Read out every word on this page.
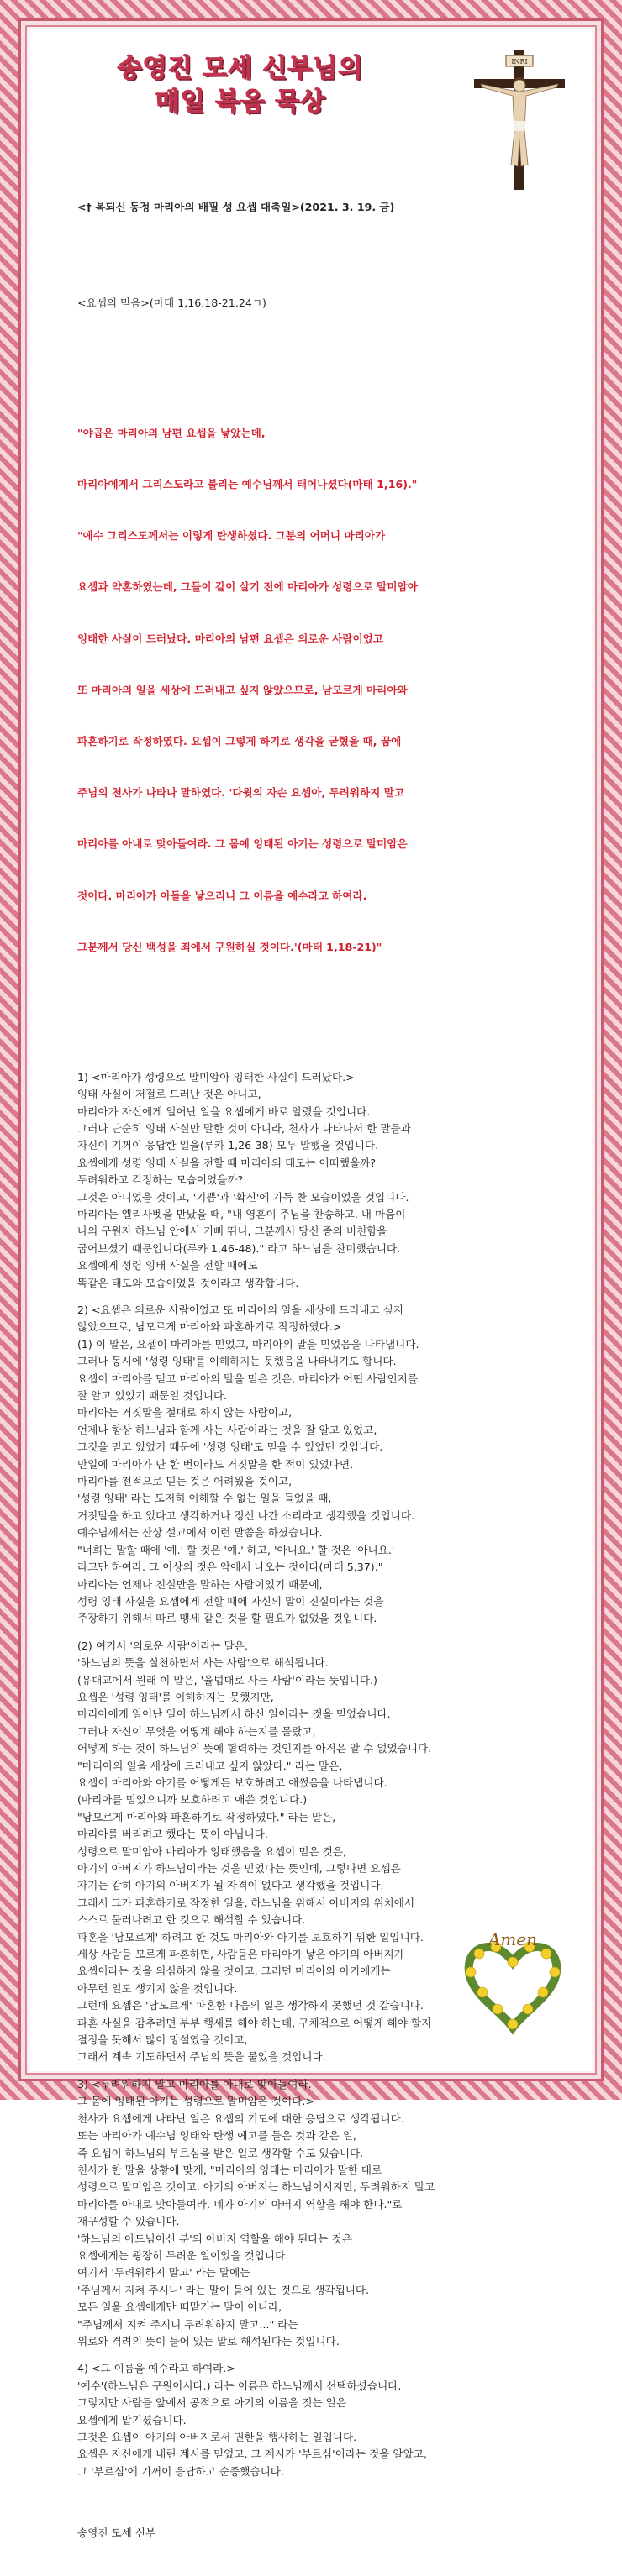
송영진 모세 신부님의
매일 복음 묵상
INRI

<† 복되신 동정 마리아의 배필 성 요셉 대축일>(2021. 3. 19. 금)

<요셉의 믿음>(마태 1,16.18-21.24ㄱ)

"야곱은 마리아의 남편 요셉을 낳았는데,

마리아에게서 그리스도라고 불리는 예수님께서 태어나셨다(마태 1,16)."

"예수 그리스도께서는 이렇게 탄생하셨다. 그분의 어머니 마리아가

요셉과 약혼하였는데, 그들이 같이 살기 전에 마리아가 성령으로 말미암아

잉태한 사실이 드러났다. 마리아의 남편 요셉은 의로운 사람이었고

또 마리아의 일을 세상에 드러내고 싶지 않았으므로, 남모르게 마리아와

파혼하기로 작정하였다. 요셉이 그렇게 하기로 생각을 굳혔을 때, 꿈에

주님의 천사가 나타나 말하였다. '다윗의 자손 요셉아, 두려워하지 말고

마리아를 아내로 맞아들여라. 그 몸에 잉태된 아기는 성령으로 말미암은

것이다. 마리아가 아들을 낳으리니 그 이름을 예수라고 하여라.

그분께서 당신 백성을 죄에서 구원하실 것이다.'(마태 1,18-21)"

1) <마리아가 성령으로 말미암아 잉태한 사실이 드러났다.>
잉태 사실이 저절로 드러난 것은 아니고,
마리아가 자신에게 일어난 일을 요셉에게 바로 알렸을 것입니다.
그러나 단순히 잉태 사실만 말한 것이 아니라, 천사가 나타나서 한 말들과
자신이 기꺼이 응답한 일을(루카 1,26-38) 모두 말했을 것입니다.
요셉에게 성령 잉태 사실을 전할 때 마리아의 태도는 어떠했을까?
두려워하고 걱정하는 모습이었을까?
그것은 아니었을 것이고, '기쁨'과 '확신'에 가득 찬 모습이었을 것입니다.
마리아는 엘리사벳을 만났을 때, "내 영혼이 주님을 찬송하고, 내 마음이
나의 구원자 하느님 안에서 기뻐 뛰니, 그분께서 당신 종의 비천함을
굽어보셨기 때문입니다(루카 1,46-48)." 라고 하느님을 찬미했습니다.
요셉에게 성령 잉태 사실을 전할 때에도
똑같은 태도와 모습이었을 것이라고 생각합니다.
2) <요셉은 의로운 사람이었고 또 마리아의 일을 세상에 드러내고 싶지
않았으므로, 남모르게 마리아와 파혼하기로 작정하였다.>
(1) 이 말은, 요셉이 마리아를 믿었고, 마리아의 말을 믿었음을 나타냅니다.
그러나 동시에 '성령 잉태'를 이해하지는 못했음을 나타내기도 합니다.
요셉이 마리아를 믿고 마리아의 말을 믿은 것은, 마리아가 어떤 사람인지를
잘 알고 있었기 때문일 것입니다.
마리아는 거짓말을 절대로 하지 않는 사람이고,
언제나 항상 하느님과 함께 사는 사람이라는 것을 잘 알고 있었고,
그것을 믿고 있었기 때문에 '성령 잉태'도 믿을 수 있었던 것입니다.
만일에 마리아가 단 한 번이라도 거짓말을 한 적이 있었다면,
마리아를 전적으로 믿는 것은 어려웠을 것이고,
'성령 잉태' 라는 도저히 이해할 수 없는 일을 들었을 때,
거짓말을 하고 있다고 생각하거나 정신 나간 소리라고 생각했을 것입니다.
예수님께서는 산상 설교에서 이런 말씀을 하셨습니다.
"너희는 말할 때에 '예.' 할 것은 '예.' 하고, '아니요.' 할 것은 '아니요.'
라고만 하여라. 그 이상의 것은 악에서 나오는 것이다(마태 5,37)."
마리아는 언제나 진실만을 말하는 사람이었기 때문에,
성령 잉태 사실을 요셉에게 전할 때에 자신의 말이 진실이라는 것을
주장하기 위해서 따로 맹세 같은 것을 할 필요가 없었을 것입니다.
(2) 여기서 '의로운 사람'이라는 말은,
'하느님의 뜻을 실천하면서 사는 사람'으로 해석됩니다.
(유대교에서 원래 이 말은, '율법대로 사는 사람'이라는 뜻입니다.)
요셉은 '성령 잉태'를 이해하지는 못했지만,
마리아에게 일어난 일이 하느님께서 하신 일이라는 것을 믿었습니다.
그러나 자신이 무엇을 어떻게 해야 하는지를 몰랐고,
어떻게 하는 것이 하느님의 뜻에 협력하는 것인지를 아직은 알 수 없었습니다.
"마리아의 일을 세상에 드러내고 싶지 않았다." 라는 말은,
요셉이 마리아와 아기를 어떻게든 보호하려고 애썼음을 나타냅니다.
(마리아를 믿었으니까 보호하려고 애쓴 것입니다.)
"남모르게 마리아와 파혼하기로 작정하였다." 라는 말은,
마리아를 버리려고 했다는 뜻이 아닙니다.
성령으로 말미암아 마리아가 잉태했음을 요셉이 믿은 것은,
아기의 아버지가 하느님이라는 것을 믿었다는 뜻인데, 그렇다면 요셉은
자기는 감히 아기의 아버지가 될 자격이 없다고 생각했을 것입니다.
그래서 그가 파혼하기로 작정한 일을, 하느님을 위해서 아버지의 위치에서
스스로 물러나려고 한 것으로 해석할 수 있습니다.
파혼을 '남모르게' 하려고 한 것도 마리아와 아기를 보호하기 위한 일입니다.
세상 사람들 모르게 파혼하면, 사람들은 마리아가 낳은 아기의 아버지가
요셉이라는 것을 의심하지 않을 것이고, 그러면 마리아와 아기에게는
아무런 일도 생기지 않을 것입니다.
그런데 요셉은 '남모르게' 파혼한 다음의 일은 생각하지 못했던 것 같습니다.
파혼 사실을 감추려면 부부 행세를 해야 하는데, 구체적으로 어떻게 해야 할지
결정을 못해서 많이 망설였을 것이고,
그래서 계속 기도하면서 주님의 뜻을 물었을 것입니다.
3) <두려워하지 말고 마리아를 아내로 맞아들여라.
그 몸에 잉태된 아기는 성령으로 말미암은 것이다.>
천사가 요셉에게 나타난 일은 요셉의 기도에 대한 응답으로 생각됩니다.
또는 마리아가 예수님 잉태와 탄생 예고를 들은 것과 같은 일,
즉 요셉이 하느님의 부르심을 받은 일로 생각할 수도 있습니다.
천사가 한 말을 상황에 맞게, "마리아의 잉태는 마리아가 말한 대로
성령으로 말미암은 것이고, 아기의 아버지는 하느님이시지만, 두려워하지 말고
마리아를 아내로 맞아들여라. 네가 아기의 아버지 역할을 해야 한다."로
재구성할 수 있습니다.
'하느님의 아드님이신 분'의 아버지 역할을 해야 된다는 것은
요셉에게는 굉장히 두려운 일이었을 것입니다.
여기서 '두려워하지 말고' 라는 말에는
'주님께서 지켜 주시니' 라는 말이 들어 있는 것으로 생각됩니다.
모든 일을 요셉에게만 떠맡기는 말이 아니라,
"주님께서 지켜 주시니 두려워하지 말고..." 라는
위로와 격려의 뜻이 들어 있는 말로 해석된다는 것입니다.
4) <그 이름을 예수라고 하여라.>
'예수'(하느님은 구원이시다.) 라는 이름은 하느님께서 선택하셨습니다.
그렇지만 사람들 앞에서 공적으로 아기의 이름을 짓는 일은
요셉에게 맡기셨습니다.
그것은 요셉이 아기의 아버지로서 권한을 행사하는 일입니다.
요셉은 자신에게 내린 계시를 믿었고, 그 계시가 '부르심'이라는 것을 알았고,
그 '부르심'에 기꺼이 응답하고 순종했습니다.

송영진 모세 신부

Amen
